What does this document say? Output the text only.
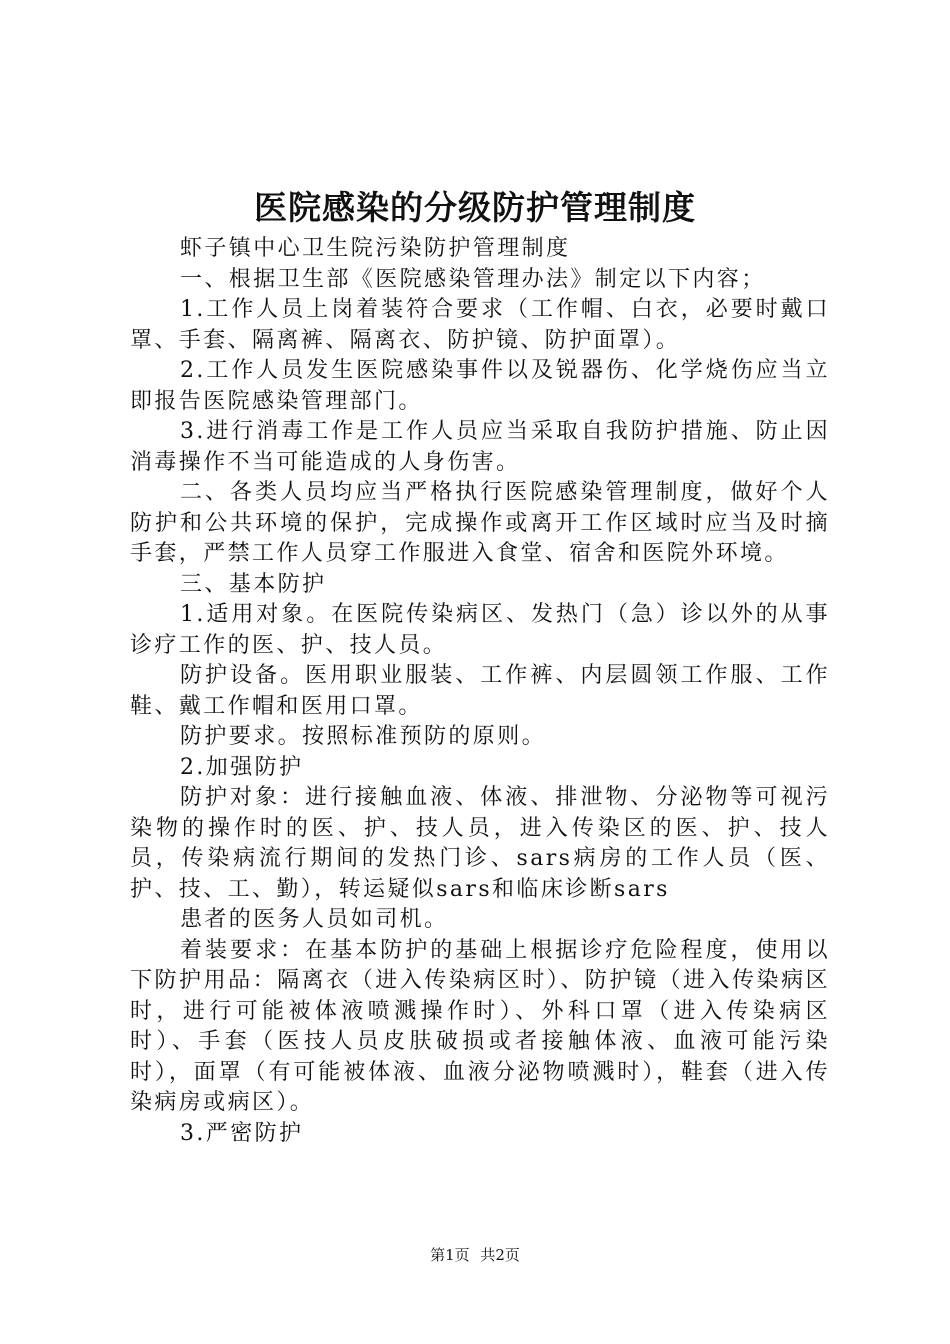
医院感染的分级防护管理制度

虾子镇中心卫生院污染防护管理制度

一、根据卫生部《医院感染管理办法》制定以下内容；

1.工作人员上岗着装符合要求（工作帽、白衣，必要时戴口罩、手套、隔离裤、隔离衣、防护镜、防护面罩）。

2.工作人员发生医院感染事件以及锐器伤、化学烧伤应当立即报告医院感染管理部门。

3.进行消毒工作是工作人员应当采取自我防护措施、防止因消毒操作不当可能造成的人身伤害。

二、各类人员均应当严格执行医院感染管理制度，做好个人防护和公共环境的保护，完成操作或离开工作区域时应当及时摘手套，严禁工作人员穿工作服进入食堂、宿舍和医院外环境。

三、基本防护

1.适用对象。在医院传染病区、发热门（急）诊以外的从事诊疗工作的医、护、技人员。

防护设备。医用职业服装、工作裤、内层圆领工作服、工作鞋、戴工作帽和医用口罩。

防护要求。按照标准预防的原则。

2.加强防护

防护对象：进行接触血液、体液、排泄物、分泌物等可视污染物的操作时的医、护、技人员，进入传染区的医、护、技人员，传染病流行期间的发热门诊、sars病房的工作人员（医、护、技、工、勤），转运疑似sars和临床诊断sars

患者的医务人员如司机。

着装要求：在基本防护的基础上根据诊疗危险程度，使用以下防护用品：隔离衣（进入传染病区时）、防护镜（进入传染病区时，进行可能被体液喷溅操作时）、外科口罩（进入传染病区时）、手套（医技人员皮肤破损或者接触体液、血液可能污染时），面罩（有可能被体液、血液分泌物喷溅时），鞋套（进入传染病房或病区）。

3.严密防护

第1页 共2页
